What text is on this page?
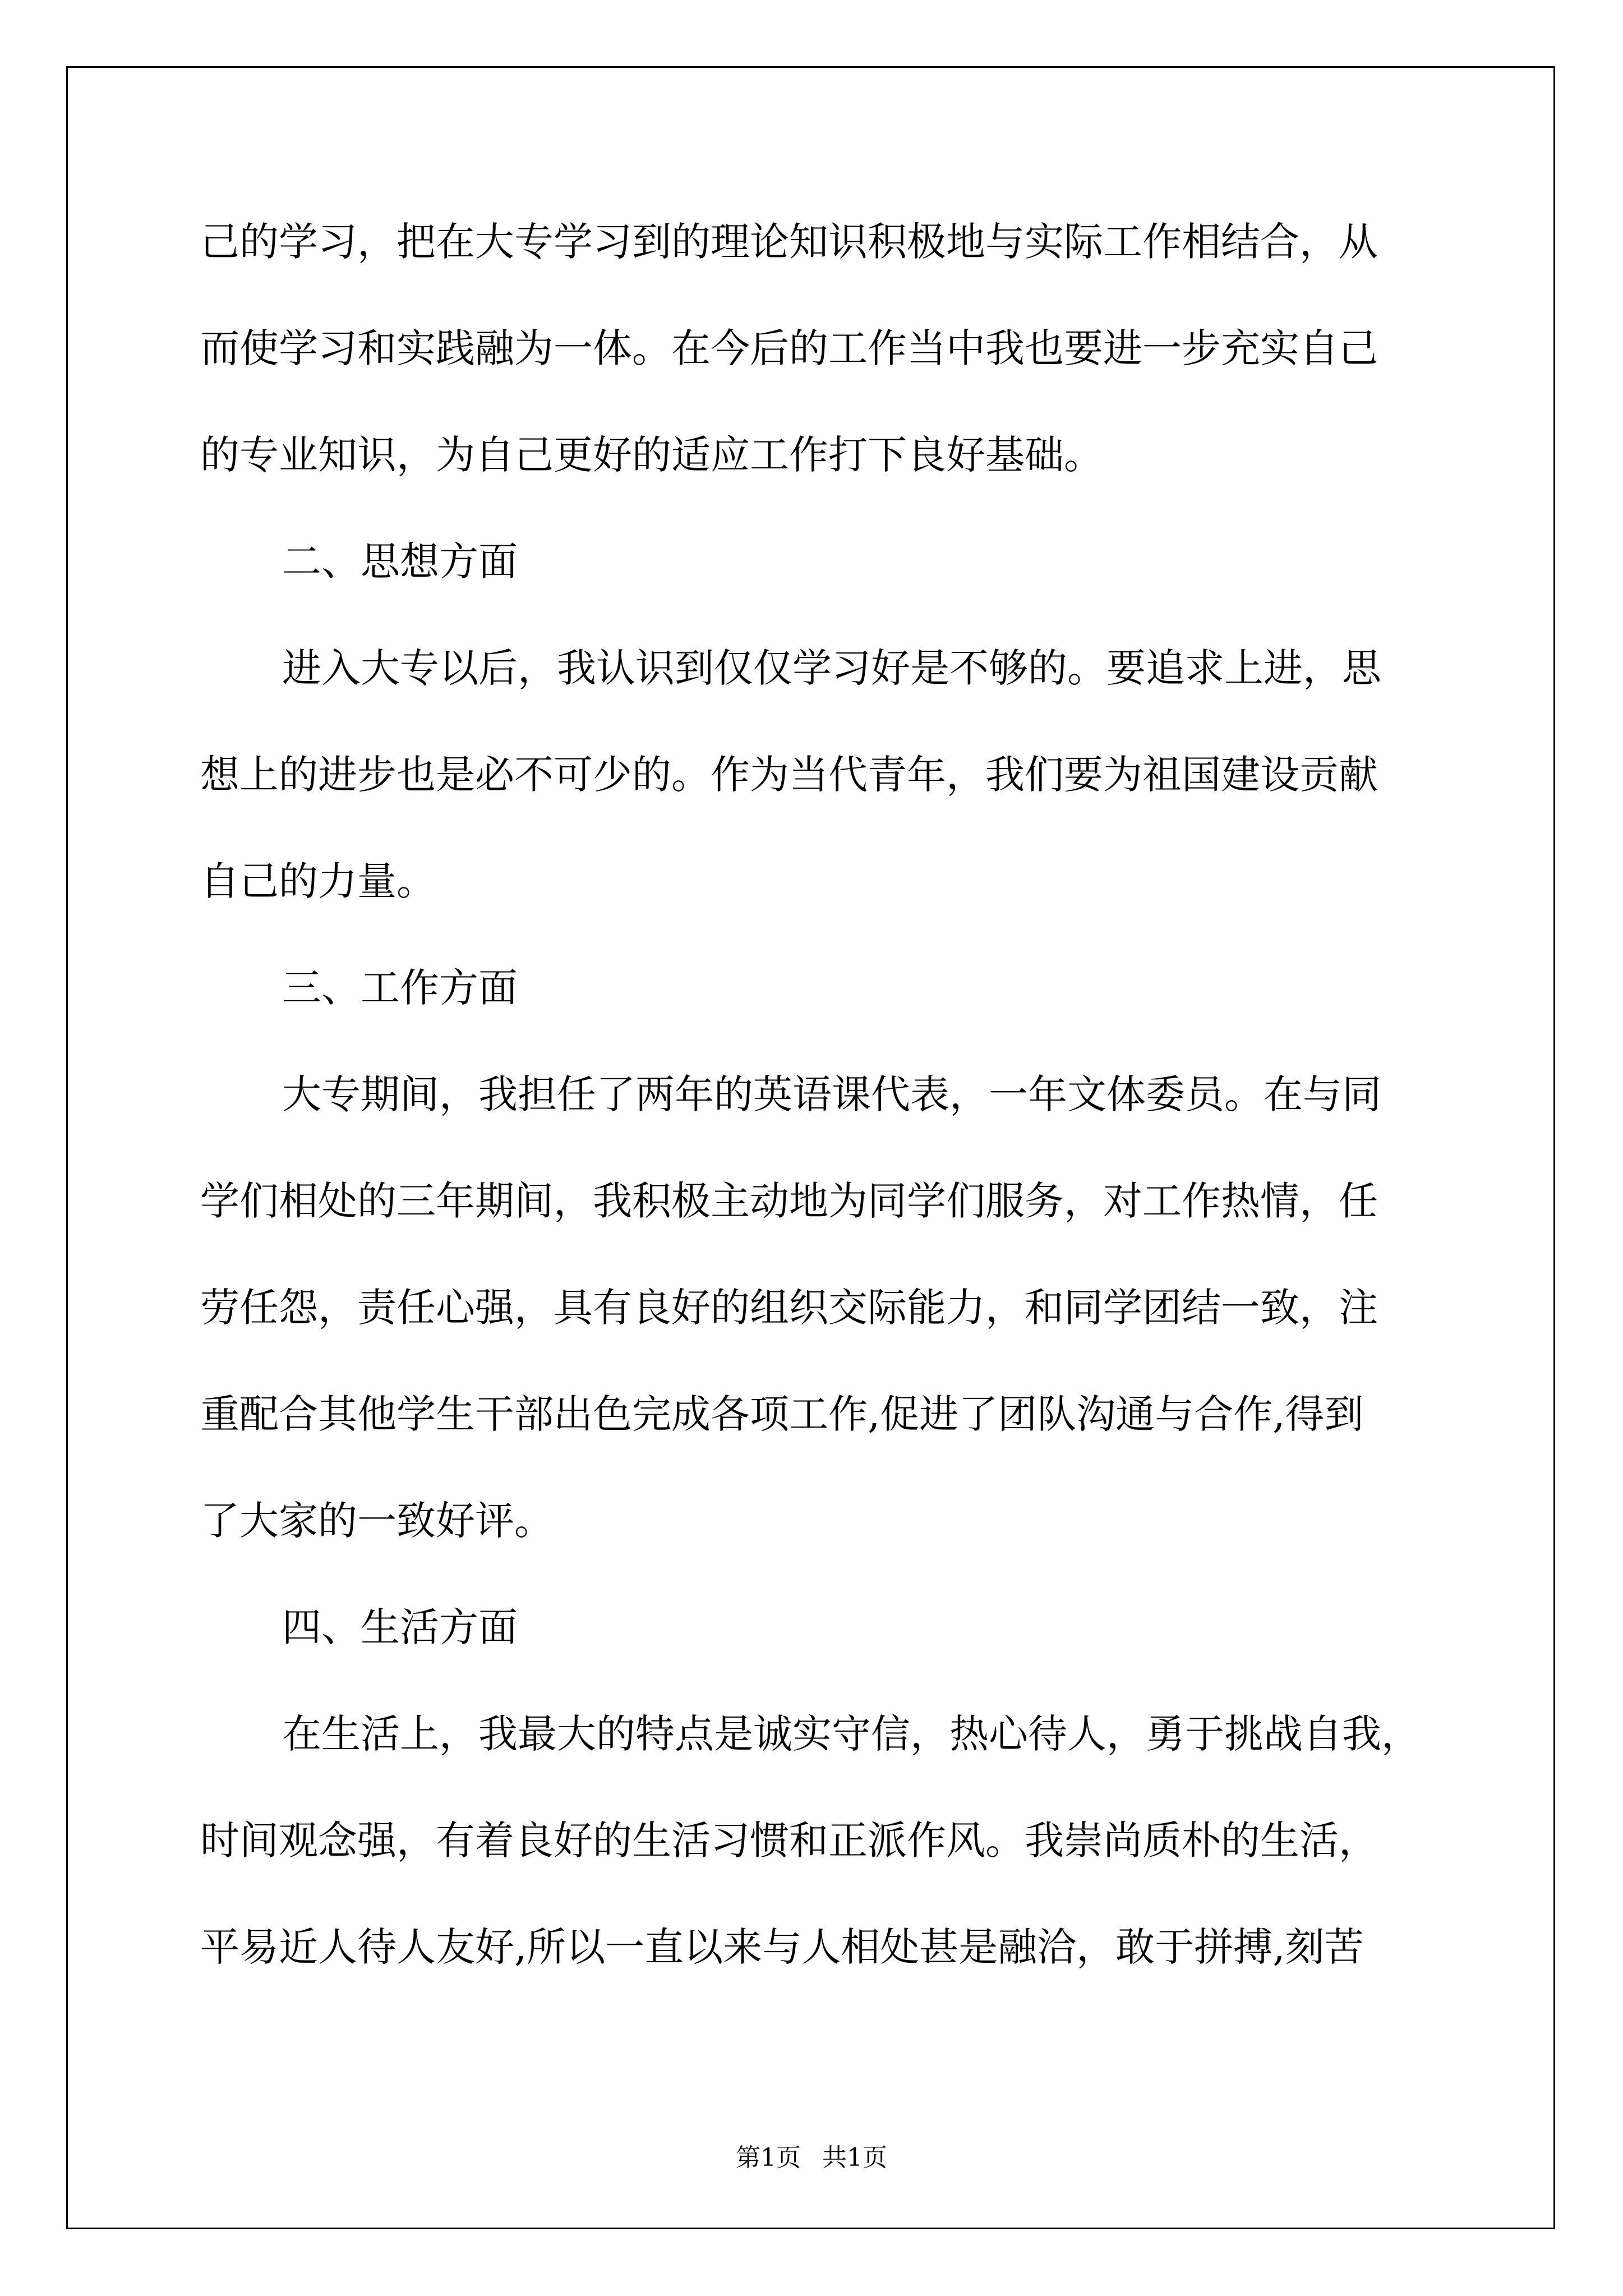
己的学习，把在大专学习到的理论知识积极地与实际工作相结合，从
而使学习和实践融为一体。在今后的工作当中我也要进一步充实自己
的专业知识，为自己更好的适应工作打下良好基础。
二、思想方面
进入大专以后，我认识到仅仅学习好是不够的。要追求上进，思
想上的进步也是必不可少的。作为当代青年，我们要为祖国建设贡献
自己的力量。
三、工作方面
大专期间，我担任了两年的英语课代表，一年文体委员。在与同
学们相处的三年期间，我积极主动地为同学们服务，对工作热情，任
劳任怨，责任心强，具有良好的组织交际能力，和同学团结一致，注
重配合其他学生干部出色完成各项工作,促进了团队沟通与合作,得到
了大家的一致好评。
四、生活方面
在生活上，我最大的特点是诚实守信，热心待人，勇于挑战自我，
时间观念强，有着良好的生活习惯和正派作风。我崇尚质朴的生活，
平易近人待人友好,所以一直以来与人相处甚是融洽，敢于拼搏,刻苦
第1页 共1页
